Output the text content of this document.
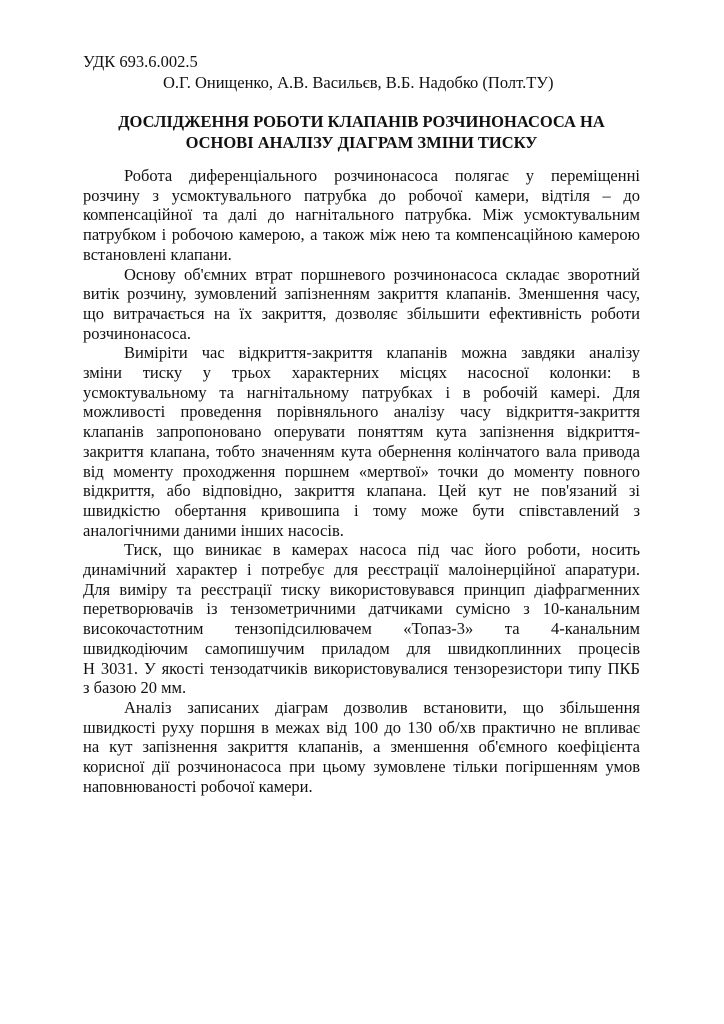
УДК 693.6.002.5
О.Г. Онищенко, А.В. Васильєв, В.Б. Надобко (Полт.ТУ)
ДОСЛІДЖЕННЯ РОБОТИ КЛАПАНІВ РОЗЧИНОНАСОСА НА
ОСНОВІ АНАЛІЗУ ДІАГРАМ ЗМІНИ ТИСКУ
Робота диференціального розчинонасоса полягає у переміщенні
розчину з усмоктувального патрубка до робочої камери, відтіля – до
компенсаційної та далі до нагнітального патрубка. Між усмоктувальним
патрубком і робочою камерою, а також між нею та компенсаційною камерою
встановлені клапани.
Основу об'ємних втрат поршневого розчинонасоса складає зворотний
витік розчину, зумовлений запізненням закриття клапанів. Зменшення часу,
що витрачається на їх закриття, дозволяє збільшити ефективність роботи
розчинонасоса.
Виміріти час відкриття-закриття клапанів можна завдяки аналізу
зміни тиску у трьох характерних місцях насосної колонки: в
усмоктувальному та нагнітальному патрубках і в робочій камері. Для
можливості проведення порівняльного аналізу часу відкриття-закриття
клапанів запропоновано оперувати поняттям кута запізнення відкриття-
закриття клапана, тобто значенням кута обернення колінчатого вала привода
від моменту проходження поршнем «мертвої» точки до моменту повного
відкриття, або відповідно, закриття клапана. Цей кут не пов'язаний зі
швидкістю обертання кривошипа і тому може бути співставлений з
аналогічними даними інших насосів.
Тиск, що виникає в камерах насоса під час його роботи, носить
динамічний характер і потребує для реєстрації малоінерційної апаратури.
Для виміру та реєстрації тиску використовувався принцип діафрагменних
перетворювачів із тензометричними датчиками сумісно з 10-канальним
високочастотним тензопідсилювачем «Топаз-3» та 4-канальним
швидкодіючим самопишучим приладом для швидкоплинних процесів
Н 3031. У якості тензодатчиків використовувалися тензорезистори типу ПКБ
з базою 20 мм.
Аналіз записаних діаграм дозволив встановити, що збільшення
швидкості руху поршня в межах від 100 до 130 об/хв практично не впливає
на кут запізнення закриття клапанів, а зменшення об'ємного коефіцієнта
корисної дії розчинонасоса при цьому зумовлене тільки погіршенням умов
наповнюваності робочої камери.
